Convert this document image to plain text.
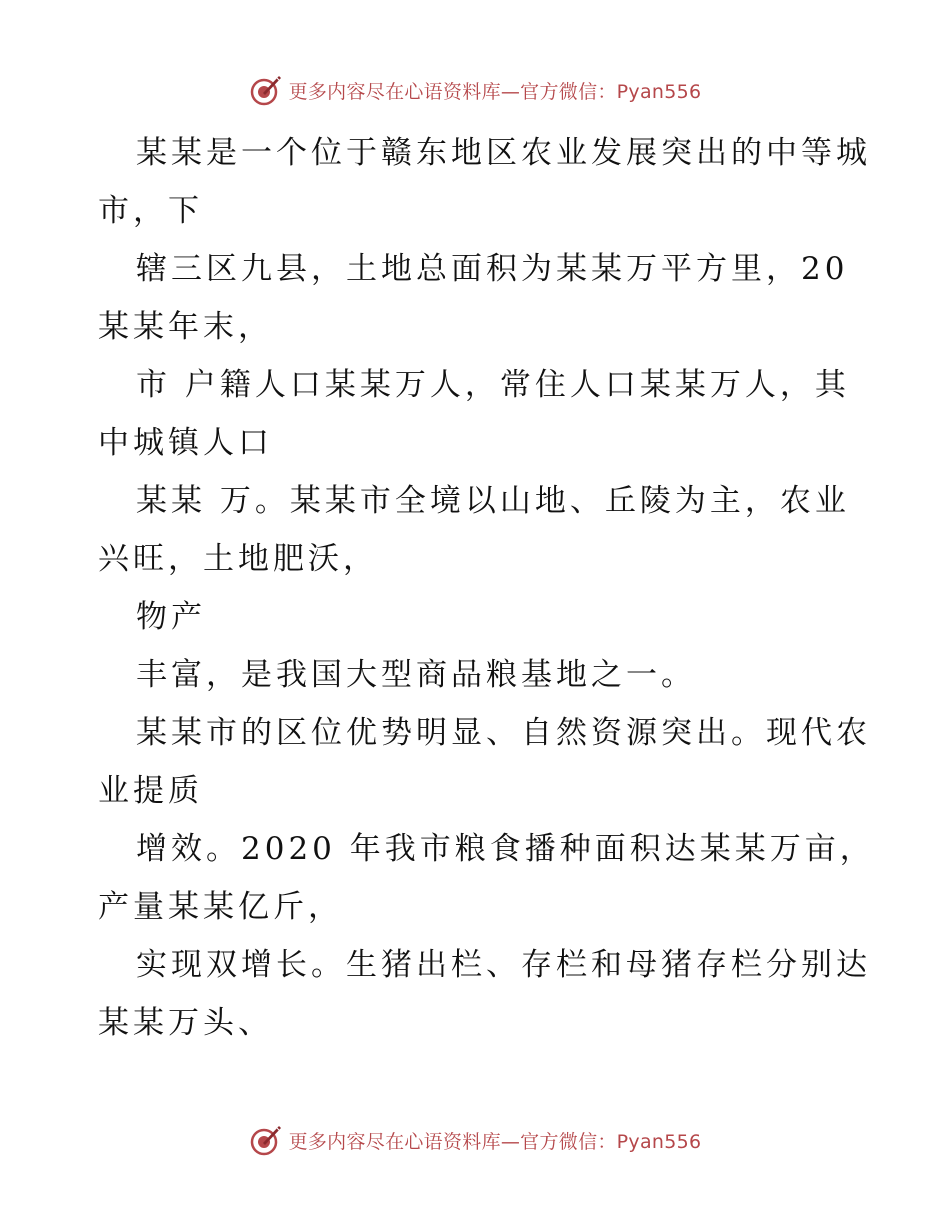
更多内容尽在心语资料库—官方微信：Pyan556
某某是一个位于赣东地区农业发展突出的中等城
市，下
辖三区九县，土地总面积为某某万平方里，20
某某年末，
市 户籍人口某某万人，常住人口某某万人，其
中城镇人口
某某 万。某某市全境以山地、丘陵为主，农业
兴旺，土地肥沃，
物产
丰富，是我国大型商品粮基地之一。
某某市的区位优势明显、自然资源突出。现代农
业提质
增效。2020 年我市粮食播种面积达某某万亩，
产量某某亿斤，
实现双增长。生猪出栏、存栏和母猪存栏分别达
某某万头、
更多内容尽在心语资料库—官方微信：Pyan556
